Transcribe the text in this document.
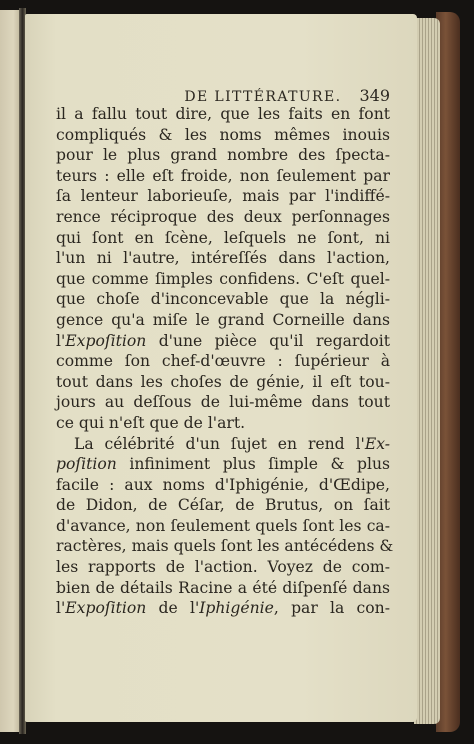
DE LITTÉRATURE. 349
il a fallu tout dire, que les faits en font
compliqués & les noms mêmes inouis
pour le plus grand nombre des ſpecta-
teurs : elle eſt froide, non ſeulement par
ſa lenteur laborieuſe, mais par l'indiffé-
rence réciproque des deux perſonnages
qui ſont en ſcène, leſquels ne ſont, ni
l'un ni l'autre, intéreſſés dans l'action,
que comme ſimples confidens. C'eſt quel-
que choſe d'inconcevable que la négli-
gence qu'a miſe le grand Corneille dans
l'Expoſition d'une pièce qu'il regardoit
comme ſon chef-d'œuvre : ſupérieur à
tout dans les choſes de génie, il eſt tou-
jours au deſſous de lui-même dans tout
ce qui n'eſt que de l'art.
La célébrité d'un ſujet en rend l'Ex-
poſition infiniment plus ſimple & plus
facile : aux noms d'Iphigénie, d'Œdipe,
de Didon, de Céſar, de Brutus, on ſait
d'avance, non ſeulement quels ſont les ca-
ractères, mais quels ſont les antécédens &
les rapports de l'action. Voyez de com-
bien de détails Racine a été diſpenſé dans
l'Expoſition de l'Iphigénie, par la con-
